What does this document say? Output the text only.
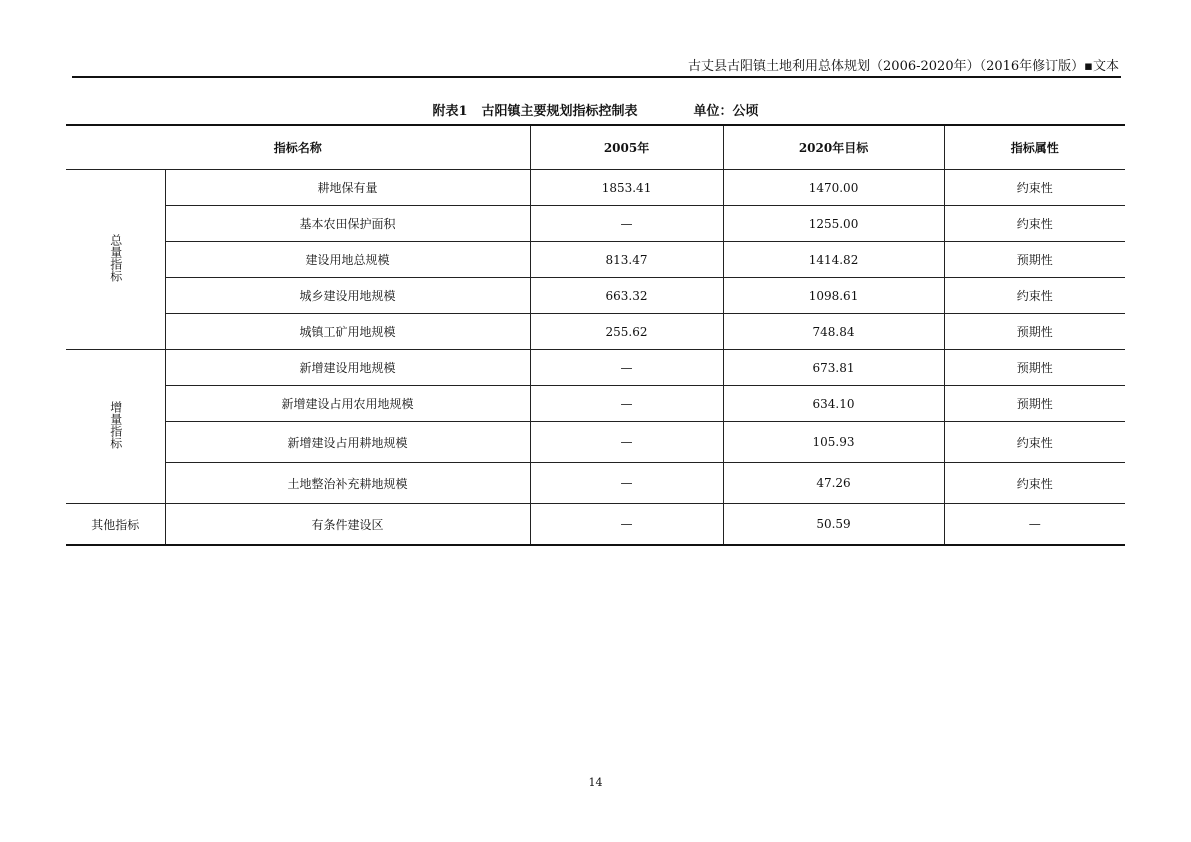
古丈县古阳镇土地利用总体规划（2006-2020年）（2016年修订版）▪文本
附表1 古阳镇主要规划指标控制表	单位：公顷
指标名称		2005年	2020年目标	指标属性
总量指标	耕地保有量	1853.41	1470.00	约束性
	基本农田保护面积	—	1255.00	约束性
	建设用地总规模	813.47	1414.82	预期性
	城乡建设用地规模	663.32	1098.61	约束性
	城镇工矿用地规模	255.62	748.84	预期性
增量指标	新增建设用地规模	—	673.81	预期性
	新增建设占用农用地规模	—	634.10	预期性
	新增建设占用耕地规模	—	105.93	约束性
	土地整治补充耕地规模	—	47.26	约束性
其他指标	有条件建设区	—	50.59	—
14
